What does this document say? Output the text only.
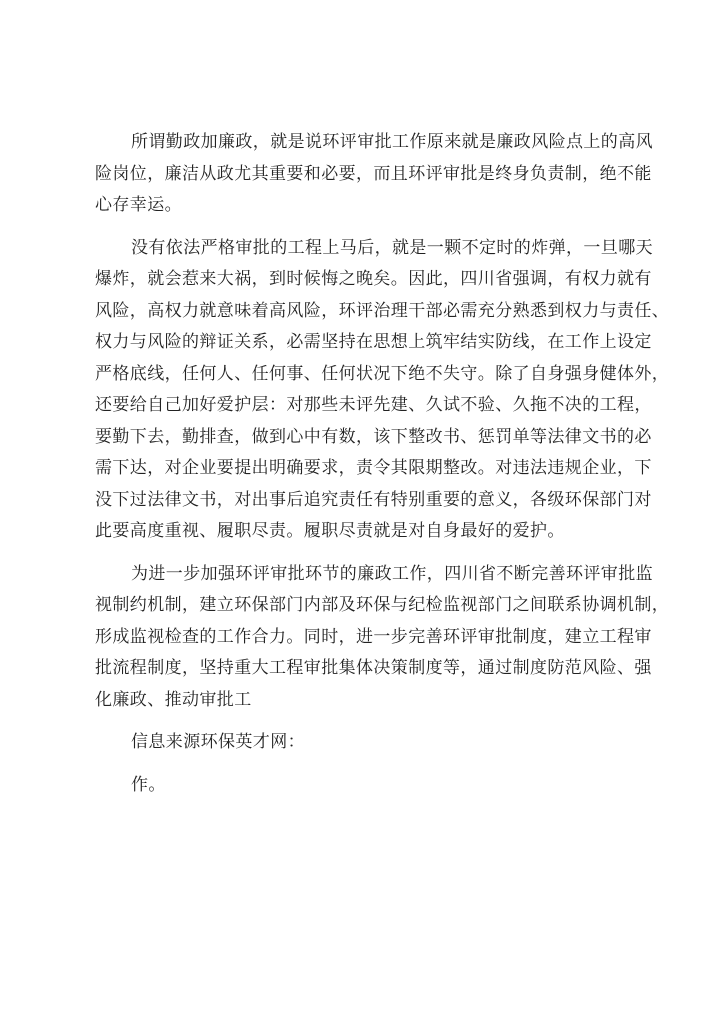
所谓勤政加廉政，就是说环评审批工作原来就是廉政风险点上的高风
险岗位，廉洁从政尤其重要和必要，而且环评审批是终身负责制，绝不能
心存幸运。
没有依法严格审批的工程上马后，就是一颗不定时的炸弹，一旦哪天
爆炸，就会惹来大祸，到时候悔之晚矣。因此，四川省强调，有权力就有
风险，高权力就意味着高风险，环评治理干部必需充分熟悉到权力与责任、
权力与风险的辩证关系，必需坚持在思想上筑牢结实防线，在工作上设定
严格底线，任何人、任何事、任何状况下绝不失守。除了自身强身健体外，
还要给自己加好爱护层：对那些未评先建、久试不验、久拖不决的工程，
要勤下去，勤排查，做到心中有数，该下整改书、惩罚单等法律文书的必
需下达，对企业要提出明确要求，责令其限期整改。对违法违规企业，下
没下过法律文书，对出事后追究责任有特别重要的意义，各级环保部门对
此要高度重视、履职尽责。履职尽责就是对自身最好的爱护。
为进一步加强环评审批环节的廉政工作，四川省不断完善环评审批监
视制约机制，建立环保部门内部及环保与纪检监视部门之间联系协调机制，
形成监视检查的工作合力。同时，进一步完善环评审批制度，建立工程审
批流程制度，坚持重大工程审批集体决策制度等，通过制度防范风险、强
化廉政、推动审批工
信息来源环保英才网：
作。
